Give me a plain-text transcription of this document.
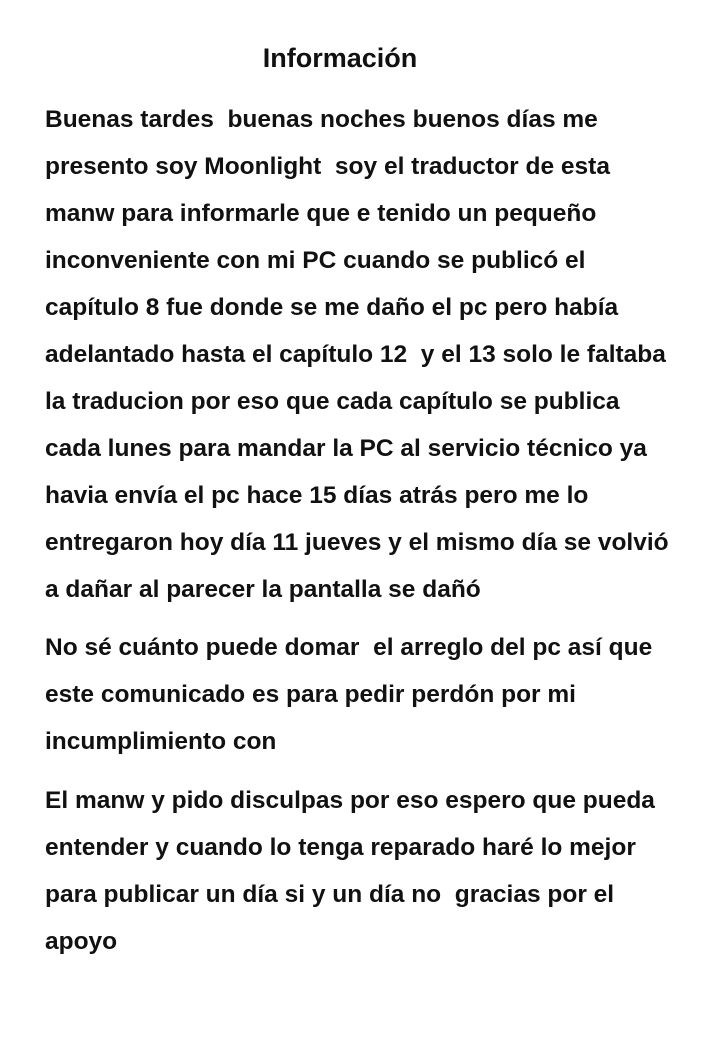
Información

Buenas tardes  buenas noches buenos días me
presento soy Moonlight  soy el traductor de esta
manw para informarle que e tenido un pequeño
inconveniente con mi PC cuando se publicó el
capítulo 8 fue donde se me daño el pc pero había
adelantado hasta el capítulo 12  y el 13 solo le faltaba
la traducion por eso que cada capítulo se publica
cada lunes para mandar la PC al servicio técnico ya
havia envía el pc hace 15 días atrás pero me lo
entregaron hoy día 11 jueves y el mismo día se volvió
a dañar al parecer la pantalla se dañó

No sé cuánto puede domar  el arreglo del pc así que
este comunicado es para pedir perdón por mi
incumplimiento con

El manw y pido disculpas por eso espero que pueda
entender y cuando lo tenga reparado haré lo mejor
para publicar un día si y un día no  gracias por el
apoyo
